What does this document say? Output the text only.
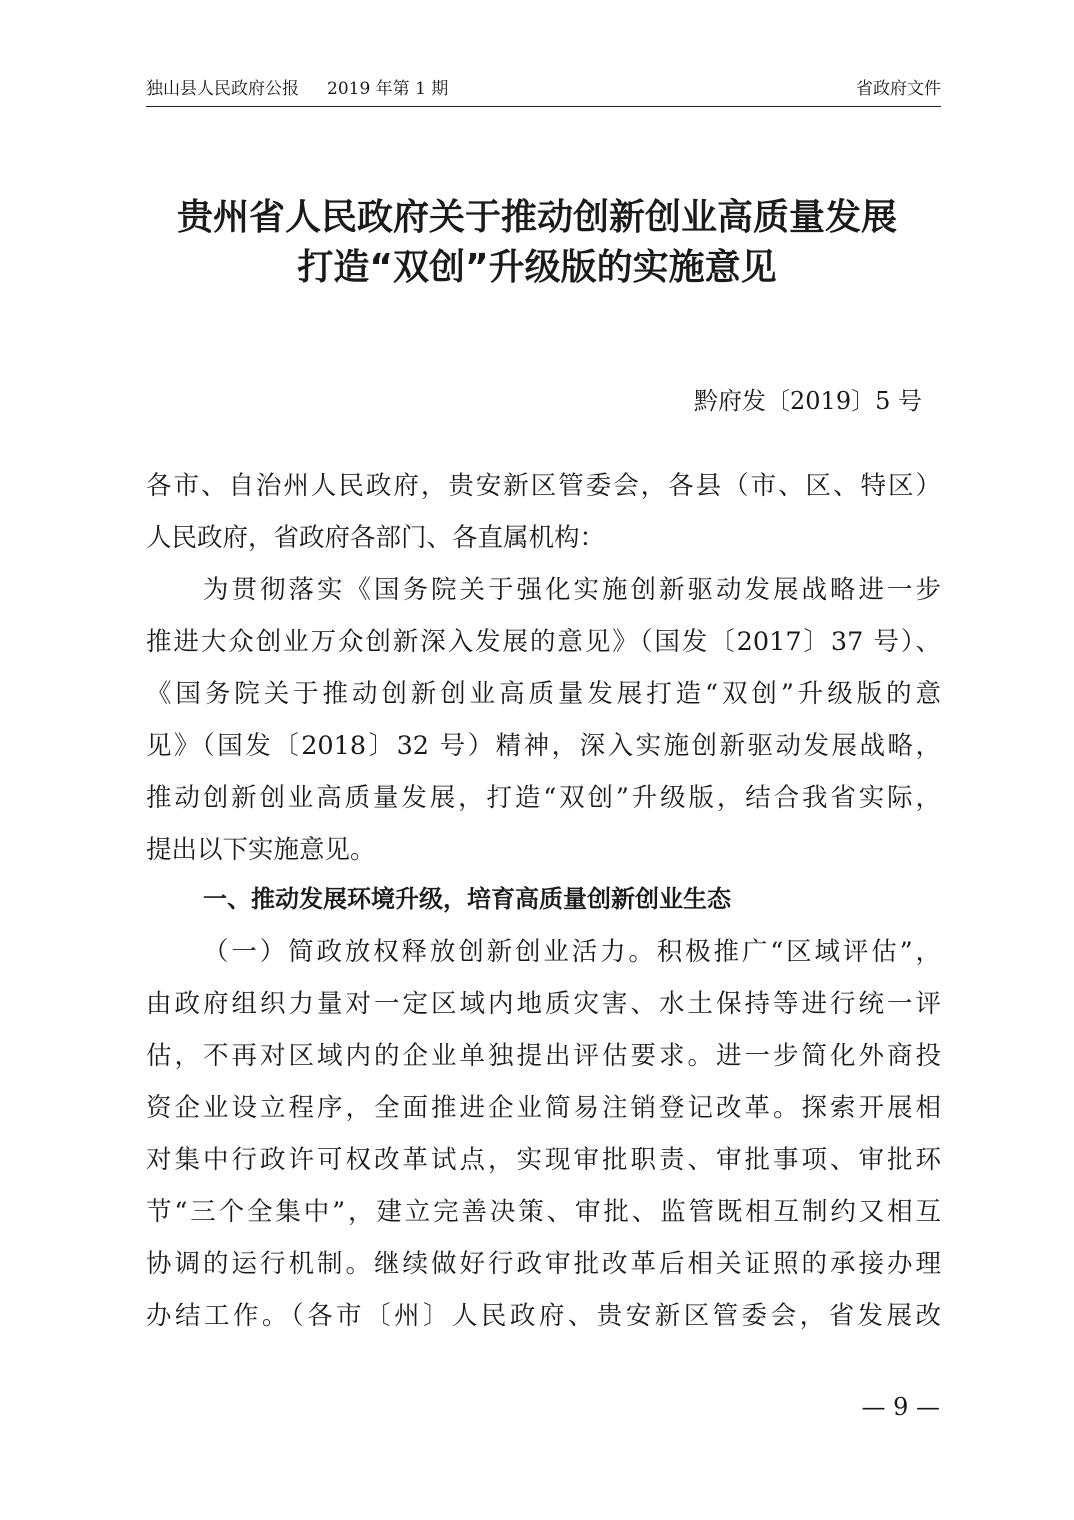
独山县人民政府公报 2019 年第 1 期	省政府文件
贵州省人民政府关于推动创新创业高质量发展
打造“双创”升级版的实施意见
黔府发〔2019〕5 号
各市、自治州人民政府，贵安新区管委会，各县（市、区、特区）
人民政府，省政府各部门、各直属机构：
为贯彻落实《国务院关于强化实施创新驱动发展战略进一步
推进大众创业万众创新深入发展的意见》（国发〔2017〕37 号）、
《国务院关于推动创新创业高质量发展打造“双创”升级版的意
见》（国发〔2018〕32 号）精神，深入实施创新驱动发展战略，
推动创新创业高质量发展，打造“双创”升级版，结合我省实际，
提出以下实施意见。
一、推动发展环境升级，培育高质量创新创业生态
（一）简政放权释放创新创业活力。积极推广“区域评估”，
由政府组织力量对一定区域内地质灾害、水土保持等进行统一评
估，不再对区域内的企业单独提出评估要求。进一步简化外商投
资企业设立程序，全面推进企业简易注销登记改革。探索开展相
对集中行政许可权改革试点，实现审批职责、审批事项、审批环
节“三个全集中”，建立完善决策、审批、监管既相互制约又相互
协调的运行机制。继续做好行政审批改革后相关证照的承接办理
办结工作。（各市〔州〕人民政府、贵安新区管委会，省发展改
— 9 —
